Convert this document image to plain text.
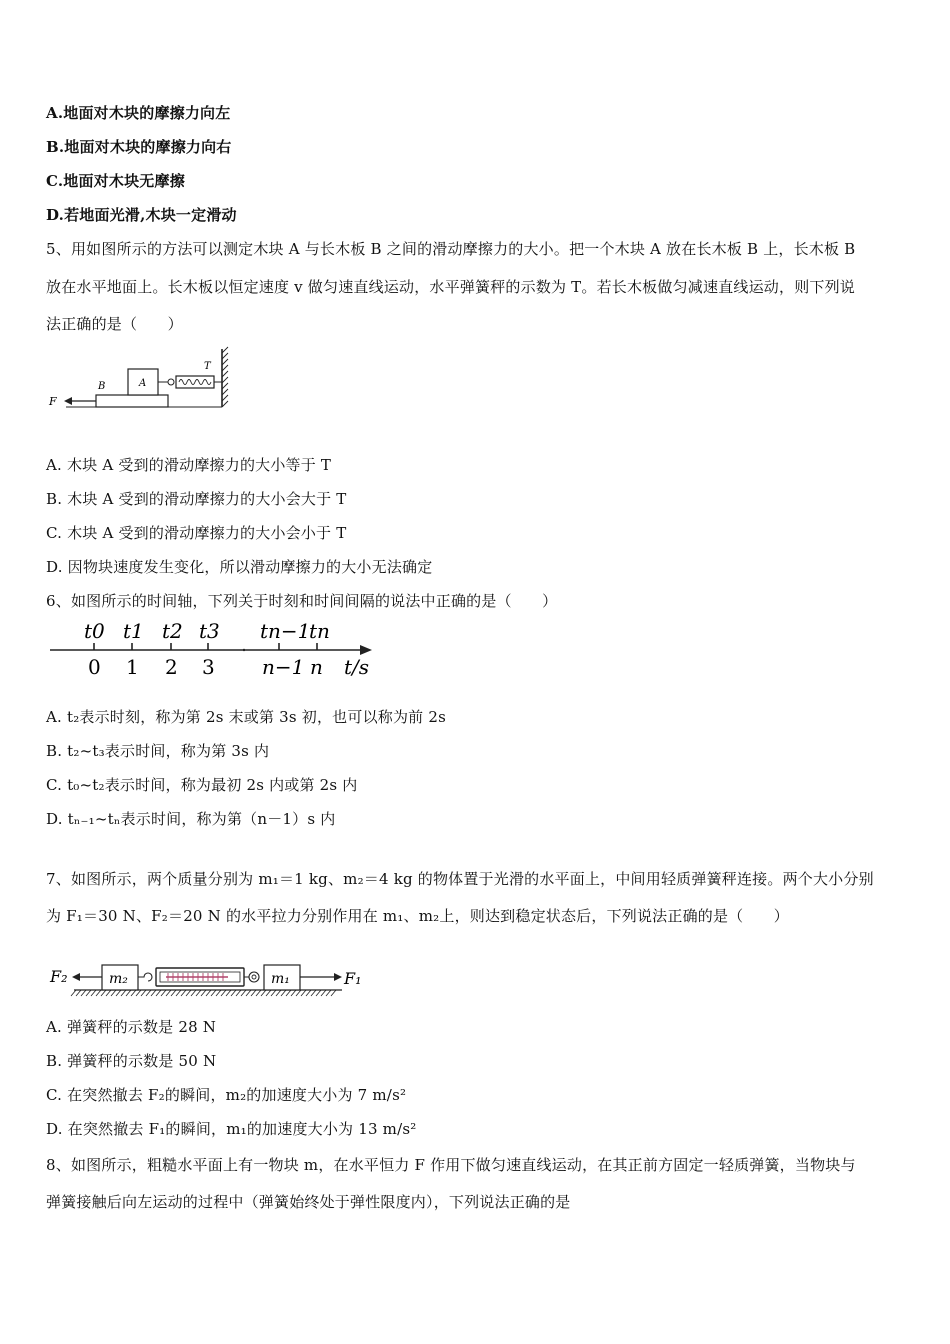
A.地面对木块的摩擦力向左
B.地面对木块的摩擦力向右
C.地面对木块无摩擦
D.若地面光滑,木块一定滑动
5、用如图所示的方法可以测定木块 A 与长木板 B 之间的滑动摩擦力的大小。把一个木块 A 放在长木板 B 上，长木板 B
放在水平地面上。长木板以恒定速度 v 做匀速直线运动，水平弹簧秤的示数为 T。若长木板做匀减速直线运动，则下列说
法正确的是（　　）
F
B	A
T
A. 木块 A 受到的滑动摩擦力的大小等于 T
B. 木块 A 受到的滑动摩擦力的大小会大于 T
C. 木块 A 受到的滑动摩擦力的大小会小于 T
D. 因物块速度发生变化，所以滑动摩擦力的大小无法确定
6、如图所示的时间轴，下列关于时刻和时间间隔的说法中正确的是（　　）
t0 t1 t2 t3 tn−1
tn
0 1 2 3 n−1 n t/s
A. t₂表示时刻，称为第 2s 末或第 3s 初，也可以称为前 2s
B. t₂~t₃表示时间，称为第 3s 内
C. t₀~t₂表示时间，称为最初 2s 内或第 2s 内
D. tₙ₋₁~tₙ表示时间，称为第（n－1）s 内
7、如图所示，两个质量分别为 m₁＝1 kg、m₂＝4 kg 的物体置于光滑的水平面上，中间用轻质弹簧秤连接。两个大小分别
为 F₁＝30 N、F₂＝20 N 的水平拉力分别作用在 m₁、m₂上，则达到稳定状态后，下列说法正确的是（　　）
F₂	m₂	m₁	F₁
A. 弹簧秤的示数是 28 N
B. 弹簧秤的示数是 50 N
C. 在突然撤去 F₂的瞬间，m₂的加速度大小为 7 m/s²
D. 在突然撤去 F₁的瞬间，m₁的加速度大小为 13 m/s²
8、如图所示，粗糙水平面上有一物块 m，在水平恒力 F 作用下做匀速直线运动，在其正前方固定一轻质弹簧，当物块与
弹簧接触后向左运动的过程中（弹簧始终处于弹性限度内），下列说法正确的是
